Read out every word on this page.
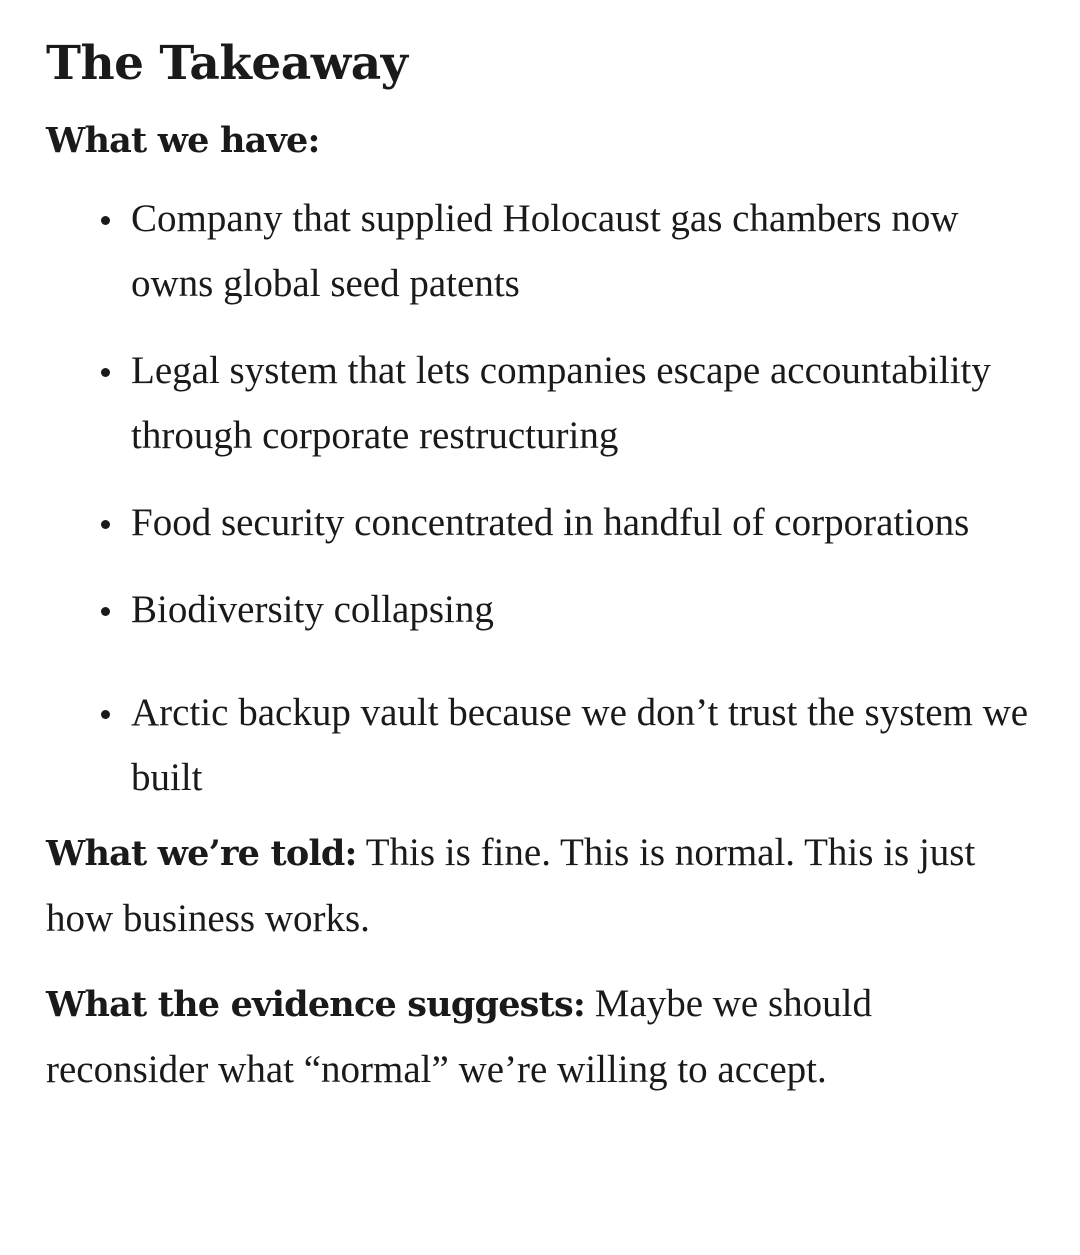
The Takeaway
What we have:
Company that supplied Holocaust gas chambers now owns global seed patents
Legal system that lets companies escape accountability through corporate restructuring
Food security concentrated in handful of corporations
Biodiversity collapsing
Arctic backup vault because we don’t trust the system we built

What we’re told: This is fine. This is normal. This is just how business works.

What the evidence suggests: Maybe we should reconsider what “normal” we’re willing to accept.
